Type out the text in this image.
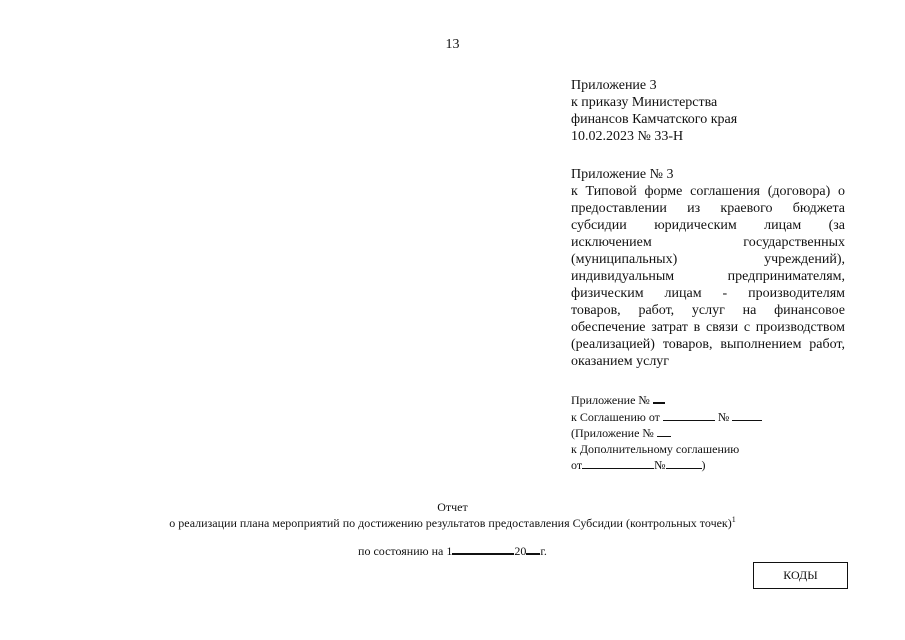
13
Приложение 3
к приказу Министерства
финансов Камчатского края
10.02.2023 № 33-Н
Приложение № 3
к Типовой форме соглашения (договора) о предоставлении из краевого бюджета субсидии юридическим лицам (за исключением государственных (муниципальных) учреждений), индивидуальным предпринимателям, физическим лицам - производителям товаров, работ, услуг на финансовое обеспечение затрат в связи с производством (реализацией) товаров, выполнением работ, оказанием услуг
Приложение №
к Соглашению от	№
(Приложение №
к Дополнительному соглашению
от	№	)
Отчет
о реализации плана мероприятий по достижению результатов предоставления Субсидии (контрольных точек)$^1$
по состоянию на 1	20 г.
КОДЫ
